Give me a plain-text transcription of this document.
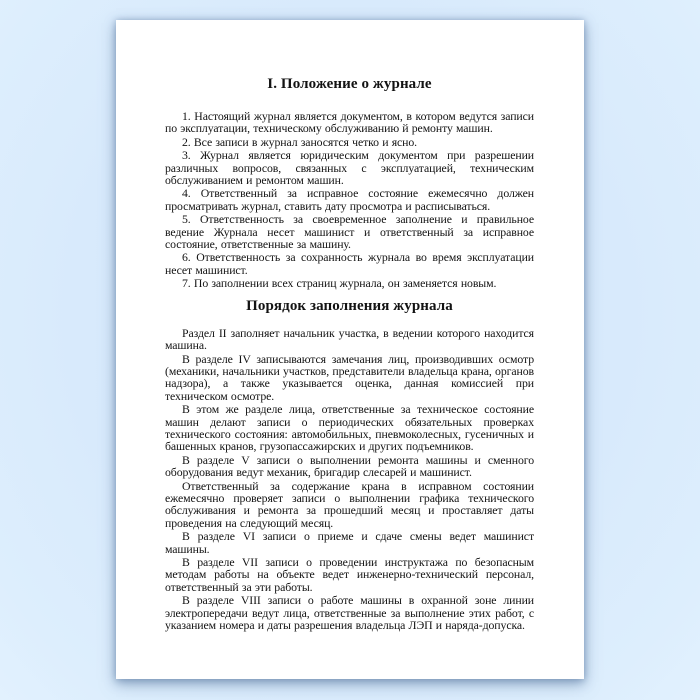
I. Положение о журнале

1. Настоящий журнал является документом, в котором ведутся записи по эксплуатации, техническому обслуживанию й ремонту машин.

2. Все записи в журнал заносятся четко и ясно.

3. Журнал является юридическим документом при разрешении различных вопросов, связанных с эксплуатацией, техническим обслуживанием и ремонтом машин.

4. Ответственный за исправное состояние ежемесячно должен просматривать журнал, ставить дату просмотра и расписываться.

5. Ответственность за своевременное заполнение и правильное ведение Журнала несет машинист и ответственный за исправное состояние, ответственные за машину.

6. Ответственность за сохранность журнала во время эксплуатации несет машинист.

7. По заполнении всех страниц журнала, он заменяется новым.

Порядок заполнения журнала

Раздел II заполняет начальник участка, в ведении которого находится машина.

В разделе IV записываются замечания лиц, производивших осмотр (механики, начальники участков, представители владельца крана, органов надзора), а также указывается оценка, данная комиссией при техническом осмотре.

В этом же разделе лица, ответственные за техническое состояние машин делают записи о периодических обязательных проверках технического состояния: автомобильных, пневмоколесных, гусеничных и башенных кранов, грузопассажирских и других подъемников.

В разделе V записи о выполнении ремонта машины и сменного оборудования ведут механик, бригадир слесарей и машинист.

Ответственный за содержание крана в исправном состоянии ежемесячно проверяет записи о выполнении графика технического обслуживания и ремонта за прошедший месяц и проставляет даты проведения на следующий месяц.

В разделе VI записи о приеме и сдаче смены ведет машинист машины.

В разделе VII записи о проведении инструктажа по безопасным методам работы на объекте ведет инженерно-технический персонал, ответственный за эти работы.

В разделе VIII записи о работе машины в охранной зоне линии электропередачи ведут лица, ответственные за выполнение этих работ, с указанием номера и даты разрешения владельца ЛЭП и наряда-допуска.
